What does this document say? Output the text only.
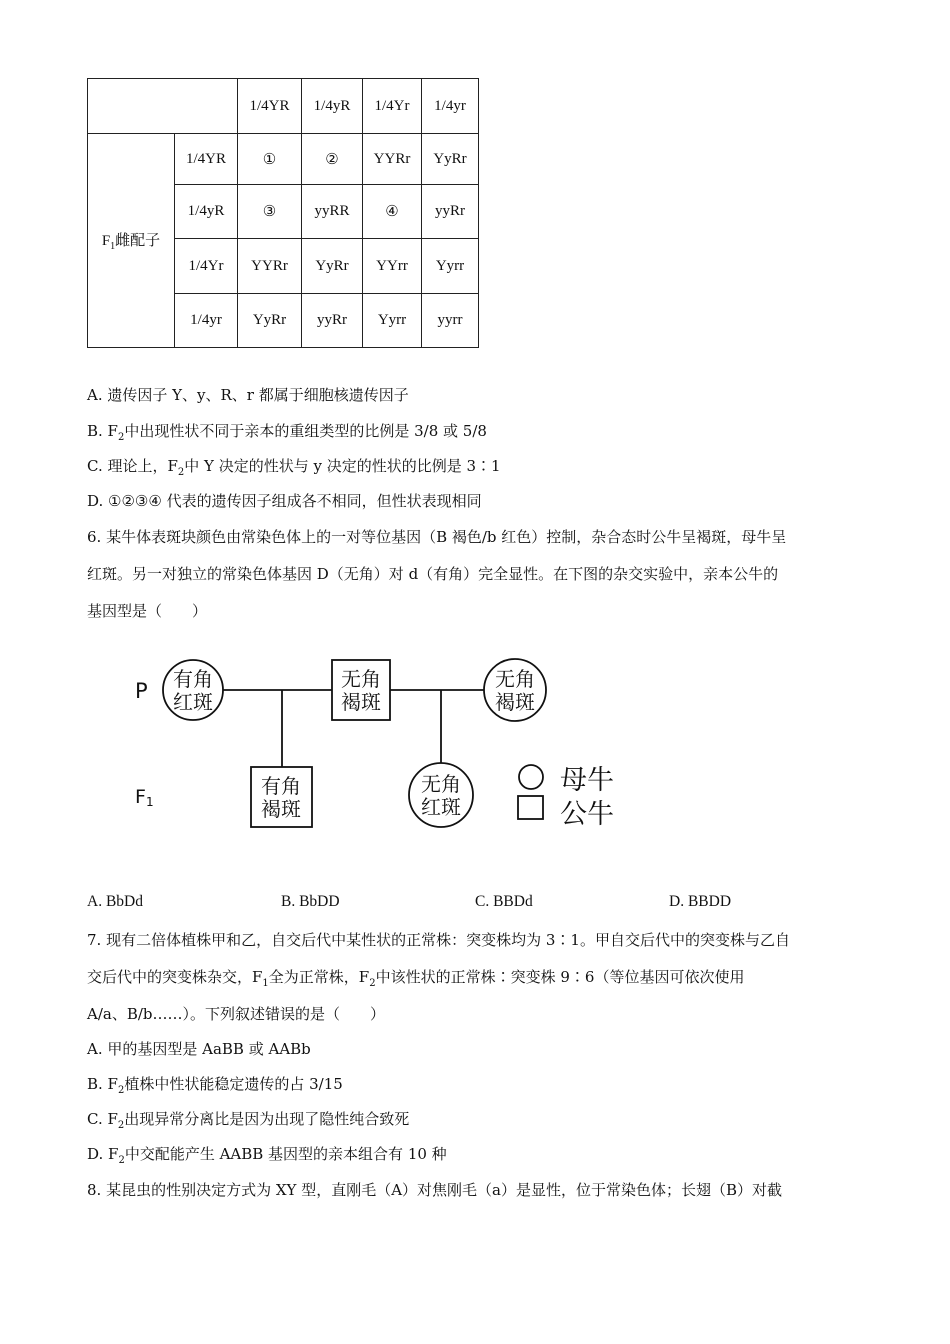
		1/4YR	1/4yR	1/4Yr	1/4yr
$F_1$雌配子	1/4YR	①	②	YYRr	YyRr
	1/4yR	③	yyRR	④	yyRr
	1/4Yr	YYRr	YyRr	YYrr	Yyrr
	1/4yr	YyRr	yyRr	Yyrr	yyrr
A. 遗传因子 Y、y、R、r 都属于细胞核遗传因子
B. $F_2$中出现性状不同于亲本的重组类型的比例是 3/8 或 5/8
C. 理论上，$F_2$中 Y 决定的性状与 y 决定的性状的比例是 3∶1
D. ①②③④ 代表的遗传因子组成各不相同，但性状表现相同
6. 某牛体表斑块颜色由常染色体上的一对等位基因（B 褐色/b 红色）控制，杂合态时公牛呈褐斑，母牛呈
红斑。另一对独立的常染色体基因 D（无角）对 d（有角）完全显性。在下图的杂交实验中，亲本公牛的
基因型是（　　）
有角
红斑
无角
褐斑
无角
褐斑
有角
褐斑
无角
红斑
母牛
公牛
P
F1
A. BbDd	B. BbDD	C. BBDd	D. BBDD
7. 现有二倍体植株甲和乙，自交后代中某性状的正常株：突变株均为 3∶1。甲自交后代中的突变株与乙自
交后代中的突变株杂交，$F_1$全为正常株，$F_2$中该性状的正常株∶突变株 9∶6（等位基因可依次使用
A/a、B/b……）。下列叙述错误的是（　　）
A. 甲的基因型是 AaBB 或 AABb
B. $F_2$植株中性状能稳定遗传的占 3/15
C. $F_2$出现异常分离比是因为出现了隐性纯合致死
D. $F_2$中交配能产生 AABB 基因型的亲本组合有 10 种
8. 某昆虫的性别决定方式为 XY 型，直刚毛（A）对焦刚毛（a）是显性，位于常染色体；长翅（B）对截
